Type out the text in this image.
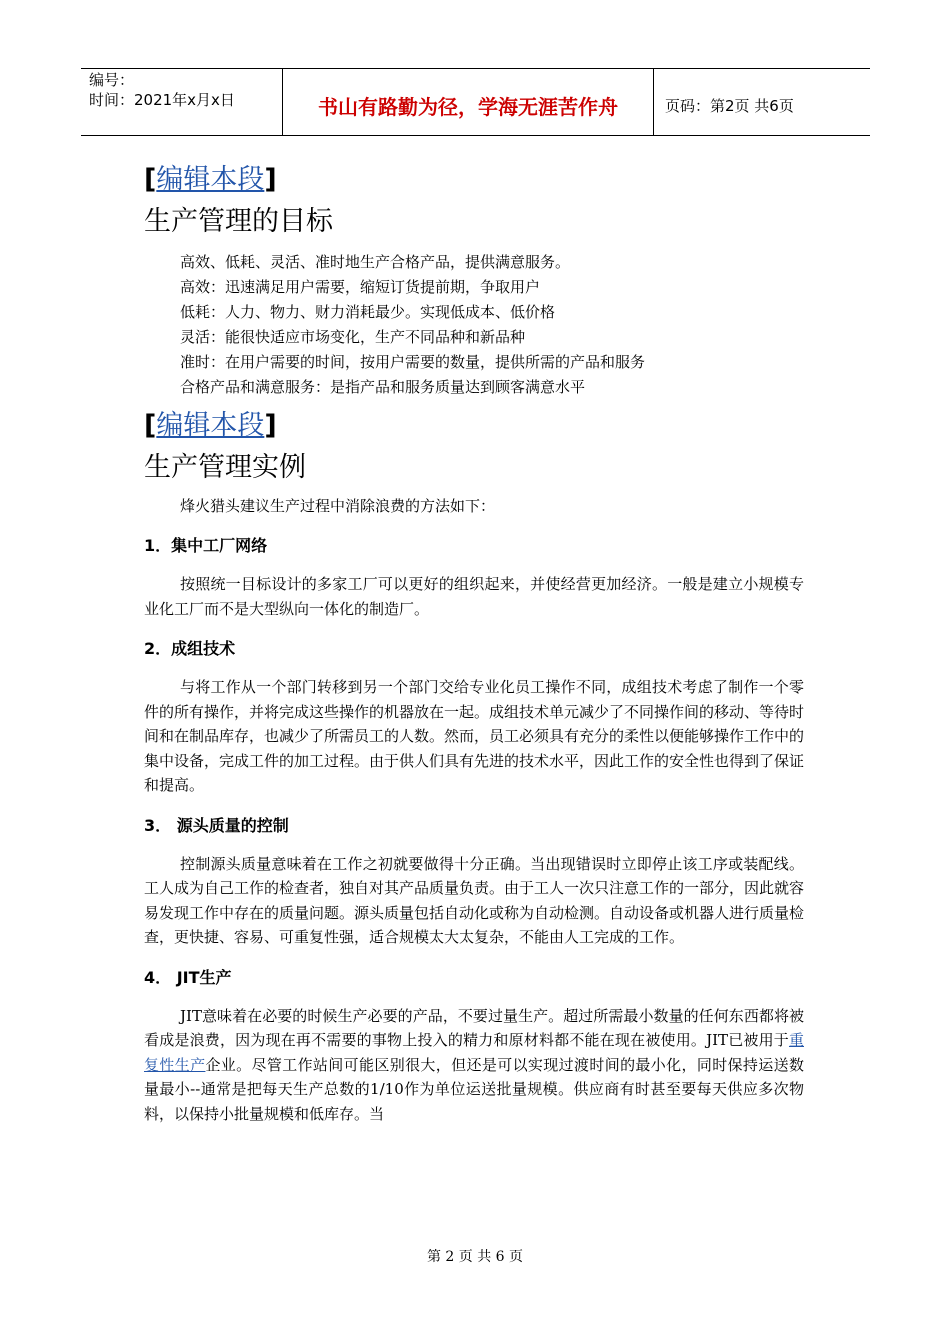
编号：
时间：2021年x月x日	书山有路勤为径，学海无涯苦作舟	页码：第2页 共6页
[编辑本段]
生产管理的目标

高效、低耗、灵活、准时地生产合格产品，提供满意服务。

高效：迅速满足用户需要，缩短订货提前期，争取用户

低耗：人力、物力、财力消耗最少。实现低成本、低价格

灵活：能很快适应市场变化，生产不同品种和新品种

准时：在用户需要的时间，按用户需要的数量，提供所需的产品和服务

合格产品和满意服务：是指产品和服务质量达到顾客满意水平

[编辑本段]
生产管理实例

烽火猎头建议生产过程中消除浪费的方法如下：

1．集中工厂网络

按照统一目标设计的多家工厂可以更好的组织起来，并使经营更加经济。一般是建立小规模专业化工厂而不是大型纵向一体化的制造厂。

2．成组技术

与将工作从一个部门转移到另一个部门交给专业化员工操作不同，成组技术考虑了制作一个零件的所有操作，并将完成这些操作的机器放在一起。成组技术单元减少了不同操作间的移动、等待时间和在制品库存，也减少了所需员工的人数。然而，员工必须具有充分的柔性以便能够操作工作中的集中设备，完成工件的加工过程。由于供人们具有先进的技术水平，因此工作的安全性也得到了保证和提高。

3． 源头质量的控制

控制源头质量意味着在工作之初就要做得十分正确。当出现错误时立即停止该工序或装配线。工人成为自己工作的检查者，独自对其产品质量负责。由于工人一次只注意工作的一部分，因此就容易发现工作中存在的质量问题。源头质量包括自动化或称为自动检测。自动设备或机器人进行质量检查，更快捷、容易、可重复性强，适合规模太大太复杂，不能由人工完成的工作。

4． JIT生产

JIT意味着在必要的时候生产必要的产品，不要过量生产。超过所需最小数量的任何东西都将被看成是浪费，因为现在再不需要的事物上投入的精力和原材料都不能在现在被使用。JIT已被用于重复性生产企业。尽管工作站间可能区别很大，但还是可以实现过渡时间的最小化，同时保持运送数量最小--通常是把每天生产总数的1/10作为单位运送批量规模。供应商有时甚至要每天供应多次物料，以保持小批量规模和低库存。当

第 2 页 共 6 页
